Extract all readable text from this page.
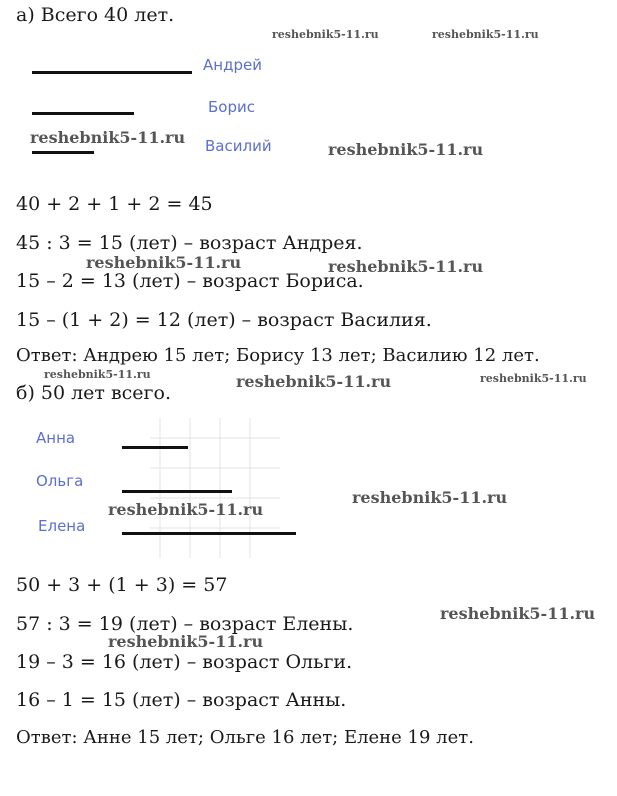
а) Всего 40 лет.
Андрей
Борис
Василий
40 + 2 + 1 + 2 = 45
45 : 3 = 15 (лет) – возраст Андрея.
15 – 2 = 13 (лет) – возраст Бориса.
15 – (1 + 2) = 12 (лет) – возраст Василия.
Ответ: Андрею 15 лет; Борису 13 лет; Василию 12 лет.
б) 50 лет всего.
Анна
Ольга
Елена
50 + 3 + (1 + 3) = 57
57 : 3 = 19 (лет) – возраст Елены.
19 – 3 = 16 (лет) – возраст Ольги.
16 – 1 = 15 (лет) – возраст Анны.
Ответ: Анне 15 лет; Ольге 16 лет; Елене 19 лет.
reshebnik5-11.ru	reshebnik5-11.ru
reshebnik5-11.ru
reshebnik5-11.ru
reshebnik5-11.ru	reshebnik5-11.ru
reshebnik5-11.ru	reshebnik5-11.ru	reshebnik5-11.ru
reshebnik5-11.ru
reshebnik5-11.ru
reshebnik5-11.ru
reshebnik5-11.ru
